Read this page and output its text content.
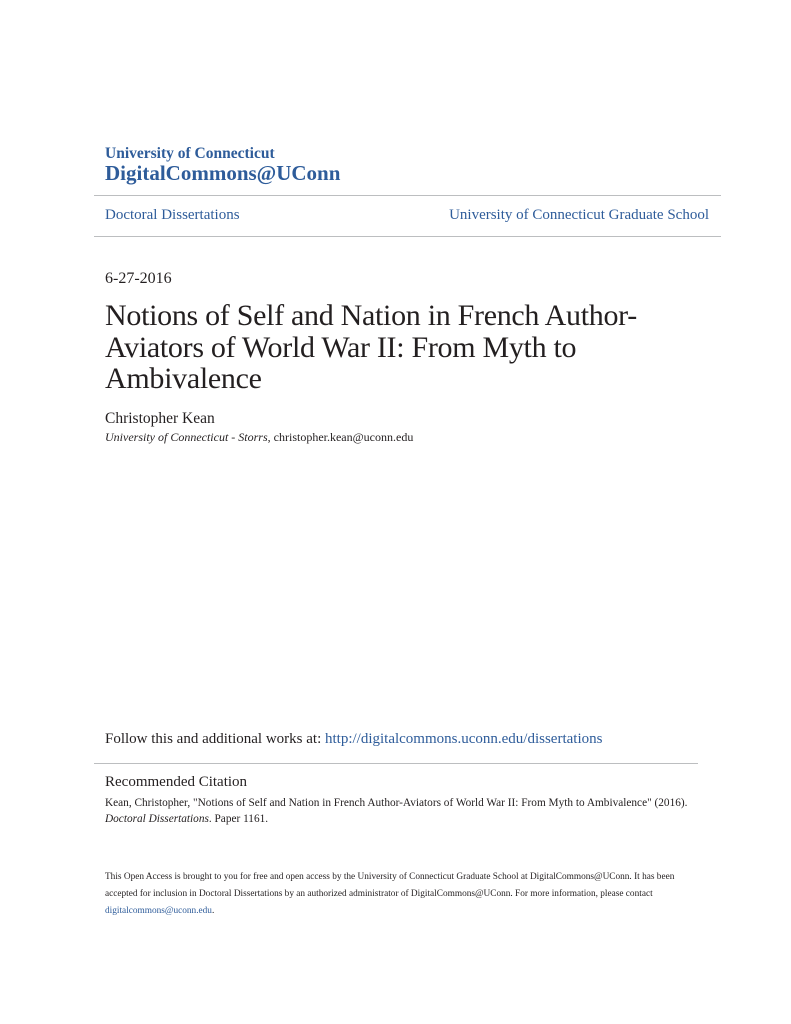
University of Connecticut
DigitalCommons@UConn
Doctoral Dissertations	University of Connecticut Graduate School
6-27-2016
Notions of Self and Nation in French Author-
Aviators of World War II: From Myth to
Ambivalence
Christopher Kean
University of Connecticut - Storrs, christopher.kean@uconn.edu
Follow this and additional works at: http://digitalcommons.uconn.edu/dissertations
Recommended Citation
Kean, Christopher, "Notions of Self and Nation in French Author-Aviators of World War II: From Myth to Ambivalence" (2016).
Doctoral Dissertations. Paper 1161.
This Open Access is brought to you for free and open access by the University of Connecticut Graduate School at DigitalCommons@UConn. It has been accepted for inclusion in Doctoral Dissertations by an authorized administrator of DigitalCommons@UConn. For more information, please contact digitalcommons@uconn.edu.
